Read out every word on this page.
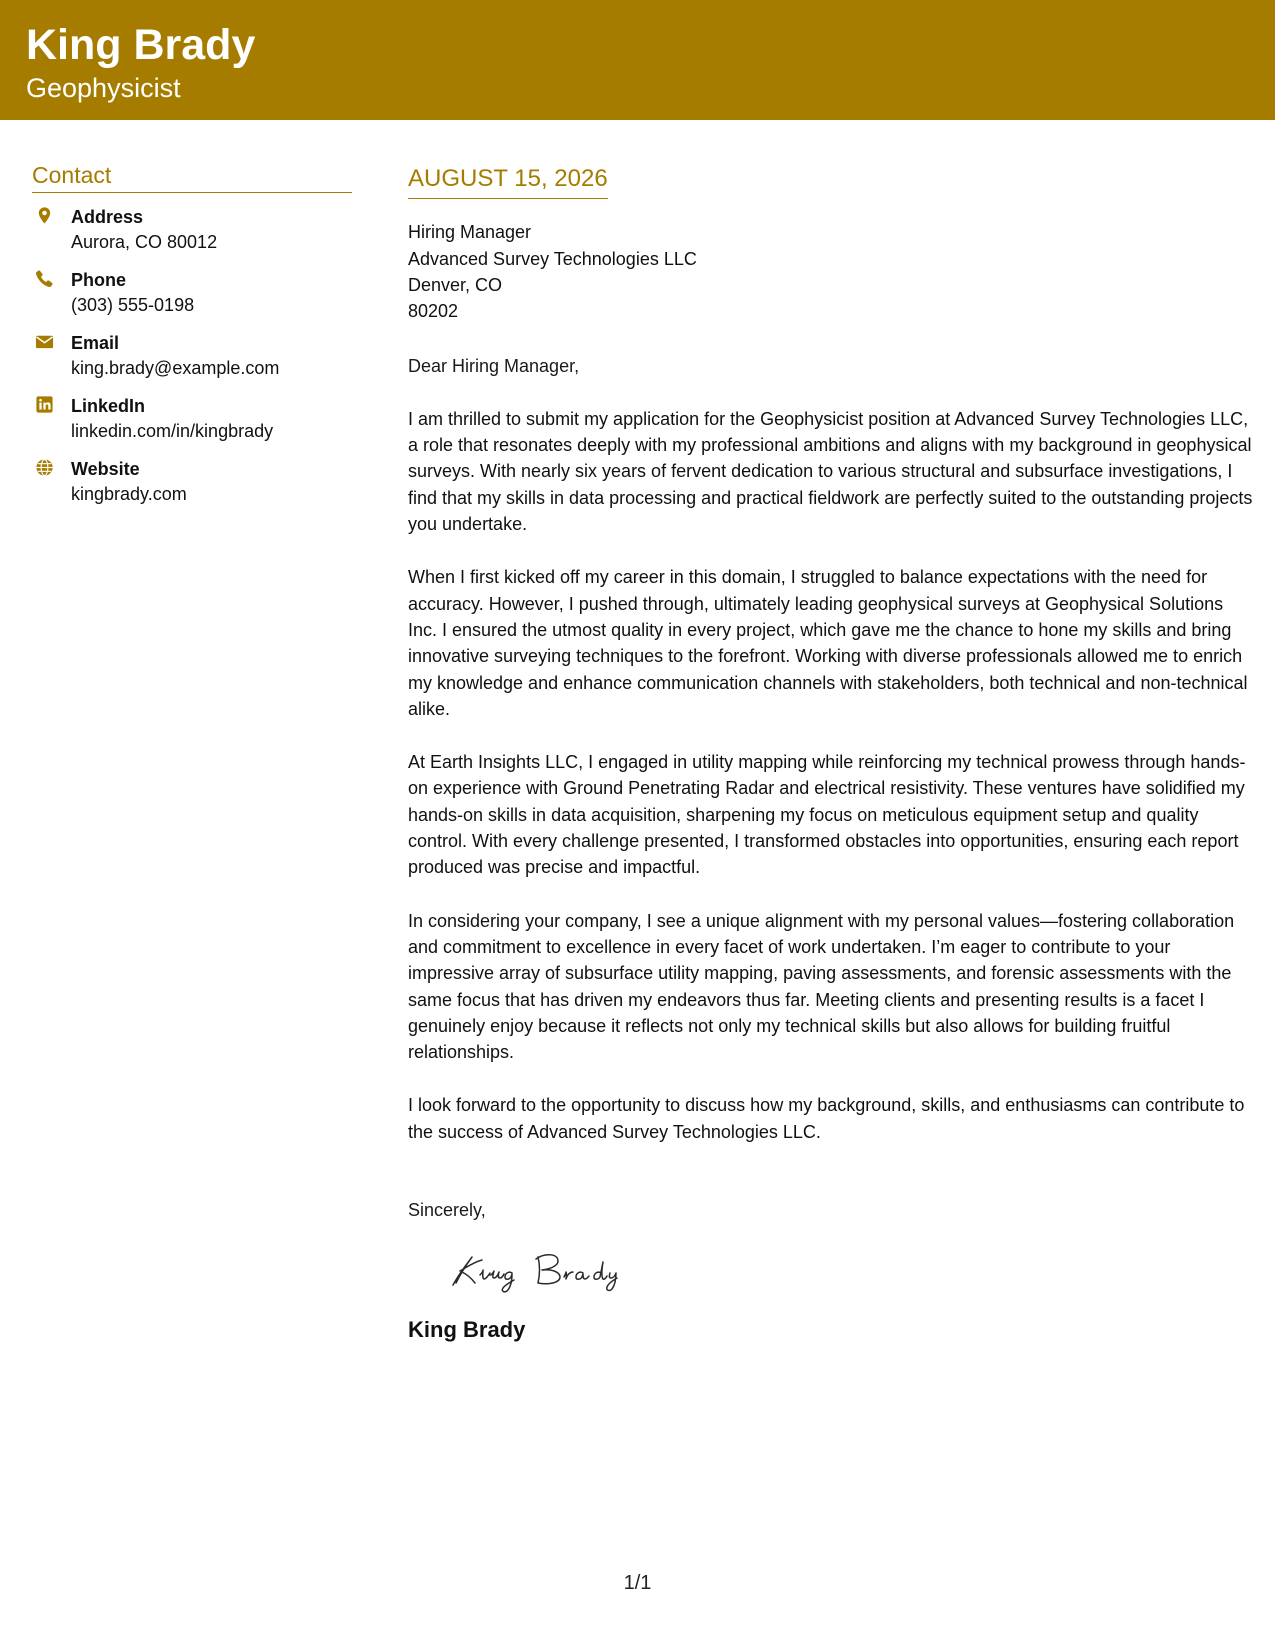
King Brady
Geophysicist
Contact
Address
Aurora, CO 80012
Phone
(303) 555-0198
Email
king.brady@example.com
LinkedIn
linkedin.com/in/kingbrady
Website
kingbrady.com
AUGUST 15, 2026
Hiring Manager
Advanced Survey Technologies LLC
Denver, CO
80202
Dear Hiring Manager,
I am thrilled to submit my application for the Geophysicist position at Advanced Survey Technologies LLC, a role that resonates deeply with my professional ambitions and aligns with my background in geophysical surveys. With nearly six years of fervent dedication to various structural and subsurface investigations, I find that my skills in data processing and practical fieldwork are perfectly suited to the outstanding projects you undertake.
When I first kicked off my career in this domain, I struggled to balance expectations with the need for accuracy. However, I pushed through, ultimately leading geophysical surveys at Geophysical Solutions Inc. I ensured the utmost quality in every project, which gave me the chance to hone my skills and bring innovative surveying techniques to the forefront. Working with diverse professionals allowed me to enrich my knowledge and enhance communication channels with stakeholders, both technical and non-technical alike.
At Earth Insights LLC, I engaged in utility mapping while reinforcing my technical prowess through hands-on experience with Ground Penetrating Radar and electrical resistivity. These ventures have solidified my hands-on skills in data acquisition, sharpening my focus on meticulous equipment setup and quality control. With every challenge presented, I transformed obstacles into opportunities, ensuring each report produced was precise and impactful.
In considering your company, I see a unique alignment with my personal values—fostering collaboration and commitment to excellence in every facet of work undertaken. I’m eager to contribute to your impressive array of subsurface utility mapping, paving assessments, and forensic assessments with the same focus that has driven my endeavors thus far. Meeting clients and presenting results is a facet I genuinely enjoy because it reflects not only my technical skills but also allows for building fruitful relationships.
I look forward to the opportunity to discuss how my background, skills, and enthusiasms can contribute to the success of Advanced Survey Technologies LLC.
Sincerely,
King Brady
1/1
